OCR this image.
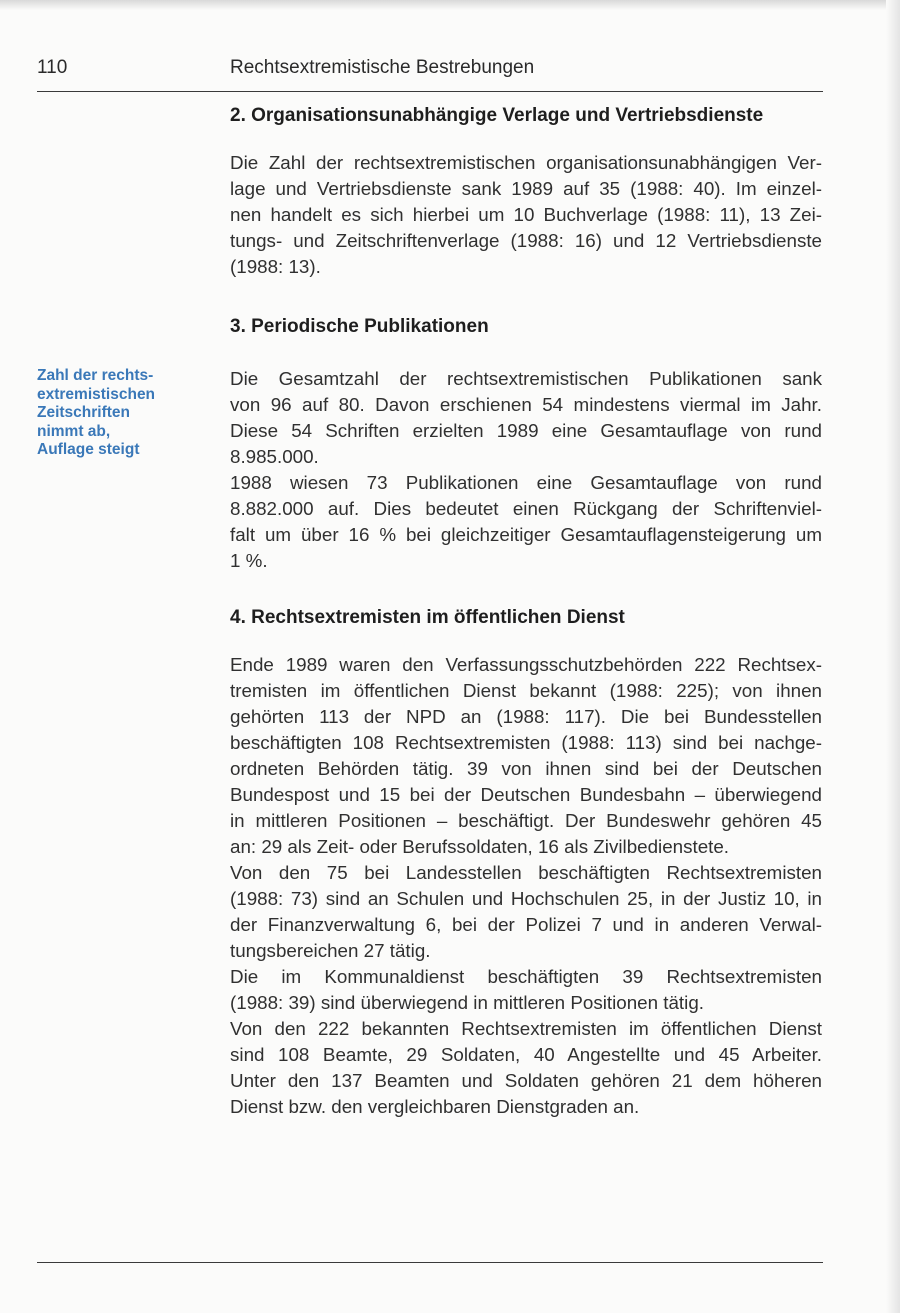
110	Rechtsextremistische Bestrebungen
2. Organisationsunabhängige Verlage und Vertriebsdienste
Die Zahl der rechtsextremistischen organisationsunabhängigen Ver-
lage und Vertriebsdienste sank 1989 auf 35 (1988: 40). Im einzel-
nen handelt es sich hierbei um 10 Buchverlage (1988: 11), 13 Zei-
tungs- und Zeitschriftenverlage (1988: 16) und 12 Vertriebsdienste
(1988: 13).
3. Periodische Publikationen
Zahl der rechts-
extremistischen
Zeitschriften
nimmt ab,
Auflage steigt
Die Gesamtzahl der rechtsextremistischen Publikationen sank
von 96 auf 80. Davon erschienen 54 mindestens viermal im Jahr.
Diese 54 Schriften erzielten 1989 eine Gesamtauflage von rund
8.985.000.
1988 wiesen 73 Publikationen eine Gesamtauflage von rund
8.882.000 auf. Dies bedeutet einen Rückgang der Schriftenviel-
falt um über 16 % bei gleichzeitiger Gesamtauflagensteigerung um
1 %.
4. Rechtsextremisten im öffentlichen Dienst
Ende 1989 waren den Verfassungsschutzbehörden 222 Rechtsex-
tremisten im öffentlichen Dienst bekannt (1988: 225); von ihnen
gehörten 113 der NPD an (1988: 117). Die bei Bundesstellen
beschäftigten 108 Rechtsextremisten (1988: 113) sind bei nachge-
ordneten Behörden tätig. 39 von ihnen sind bei der Deutschen
Bundespost und 15 bei der Deutschen Bundesbahn – überwiegend
in mittleren Positionen – beschäftigt. Der Bundeswehr gehören 45
an: 29 als Zeit- oder Berufssoldaten, 16 als Zivilbedienstete.
Von den 75 bei Landesstellen beschäftigten Rechtsextremisten
(1988: 73) sind an Schulen und Hochschulen 25, in der Justiz 10, in
der Finanzverwaltung 6, bei der Polizei 7 und in anderen Verwal-
tungsbereichen 27 tätig.
Die im Kommunaldienst beschäftigten 39 Rechtsextremisten
(1988: 39) sind überwiegend in mittleren Positionen tätig.
Von den 222 bekannten Rechtsextremisten im öffentlichen Dienst
sind 108 Beamte, 29 Soldaten, 40 Angestellte und 45 Arbeiter.
Unter den 137 Beamten und Soldaten gehören 21 dem höheren
Dienst bzw. den vergleichbaren Dienstgraden an.
